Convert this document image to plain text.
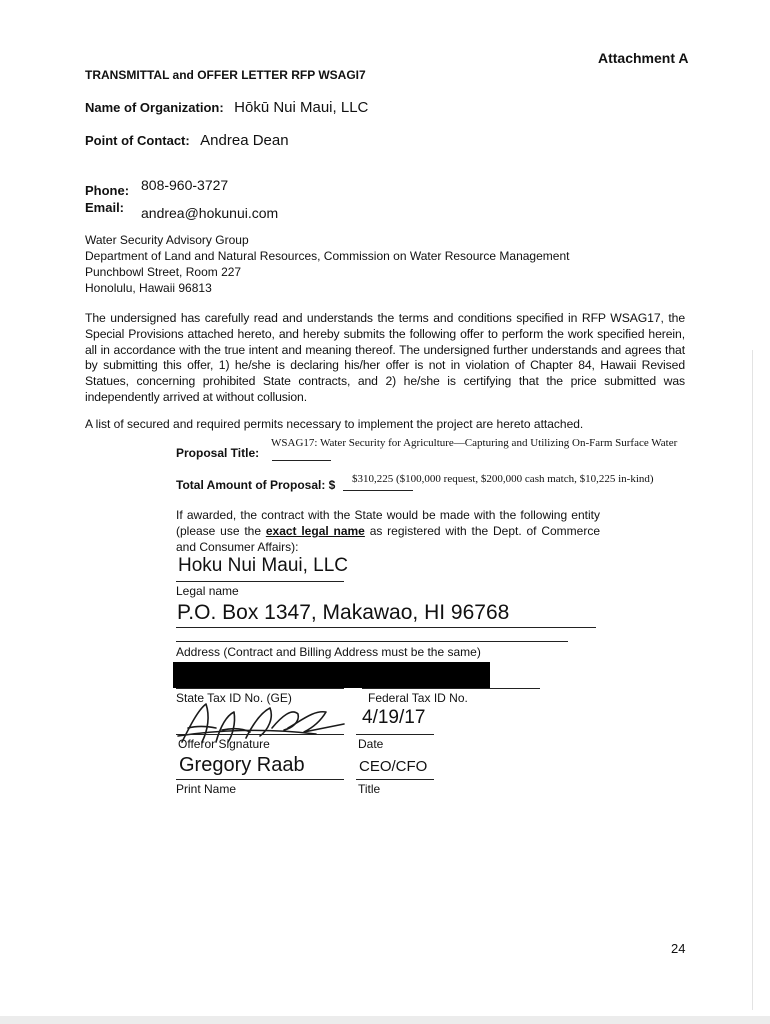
Attachment A
TRANSMITTAL and OFFER LETTER RFP WSAGI7
Name of Organization: Hōkū Nui Maui, LLC
Point of Contact: Andrea Dean
Phone: 808-960-3727
Email: andrea@hokunui.com
Water Security Advisory Group
Department of Land and Natural Resources, Commission on Water Resource Management
Punchbowl Street, Room 227
Honolulu, Hawaii 96813
The undersigned has carefully read and understands the terms and conditions specified in RFP WSAG17, the Special Provisions attached hereto, and hereby submits the following offer to perform the work specified herein, all in accordance with the true intent and meaning thereof. The undersigned further understands and agrees that by submitting this offer, 1) he/she is declaring his/her offer is not in violation of Chapter 84, Hawaii Revised Statues, concerning prohibited State contracts, and 2) he/she is certifying that the price submitted was independently arrived at without collusion.
A list of secured and required permits necessary to implement the project are hereto attached.
Proposal Title:
WSAG17: Water Security for Agriculture—Capturing and Utilizing On-Farm Surface Water
Total Amount of Proposal: $ $310,225 ($100,000 request, $200,000 cash match, $10,225 in-kind)
If awarded, the contract with the State would be made with the following entity (please use the exact legal name as registered with the Dept. of Commerce and Consumer Affairs):
Hoku Nui Maui, LLC
Legal name
P.O. Box 1347, Makawao, HI 96768
Address (Contract and Billing Address must be the same)
State Tax ID No. (GE)	Federal Tax ID No.
Offeror Signature
4/19/17
Date
Gregory Raab
Print Name
CEO/CFO
Title
24
